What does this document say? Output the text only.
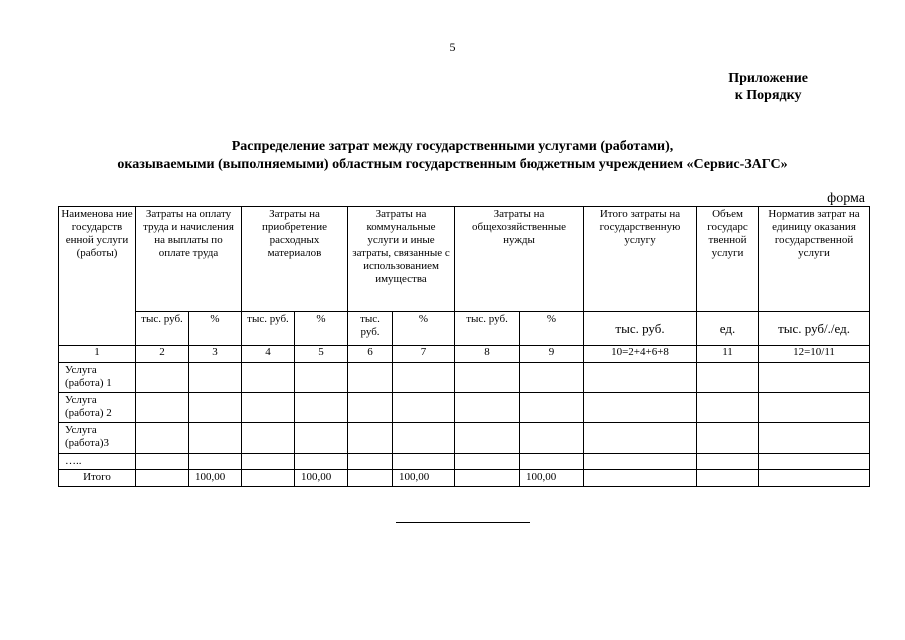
5
Приложение
к Порядку
Распределение затрат между государственными услугами (работами),
оказываемыми (выполняемыми) областным государственным бюджетным учреждением «Сервис-ЗАГС»
форма
Наименова ние государств енной услуги (работы)	Затраты на оплату труда и начисления на выплаты по оплате труда		Затраты на приобретение расходных материалов		Затраты на коммунальные услуги и иные затраты, связанные с использованием имущества		Затраты на общехозяйственные нужды		Итого затраты на государственную услугу	Объем государс твенной услуги	Норматив затрат на единицу оказания государственной услуги
	тыс. руб.	%	тыс. руб.	%	тыс. руб.	%	тыс. руб.	%	тыс. руб.	ед.	тыс. руб/./ед.
1	2	3	4	5	6	7	8	9	10=2+4+6+8	11	12=10/11
Услуга (работа) 1											
Услуга (работа) 2											
Услуга (работа)3											
…..											
Итого		100,00		100,00		100,00		100,00			
